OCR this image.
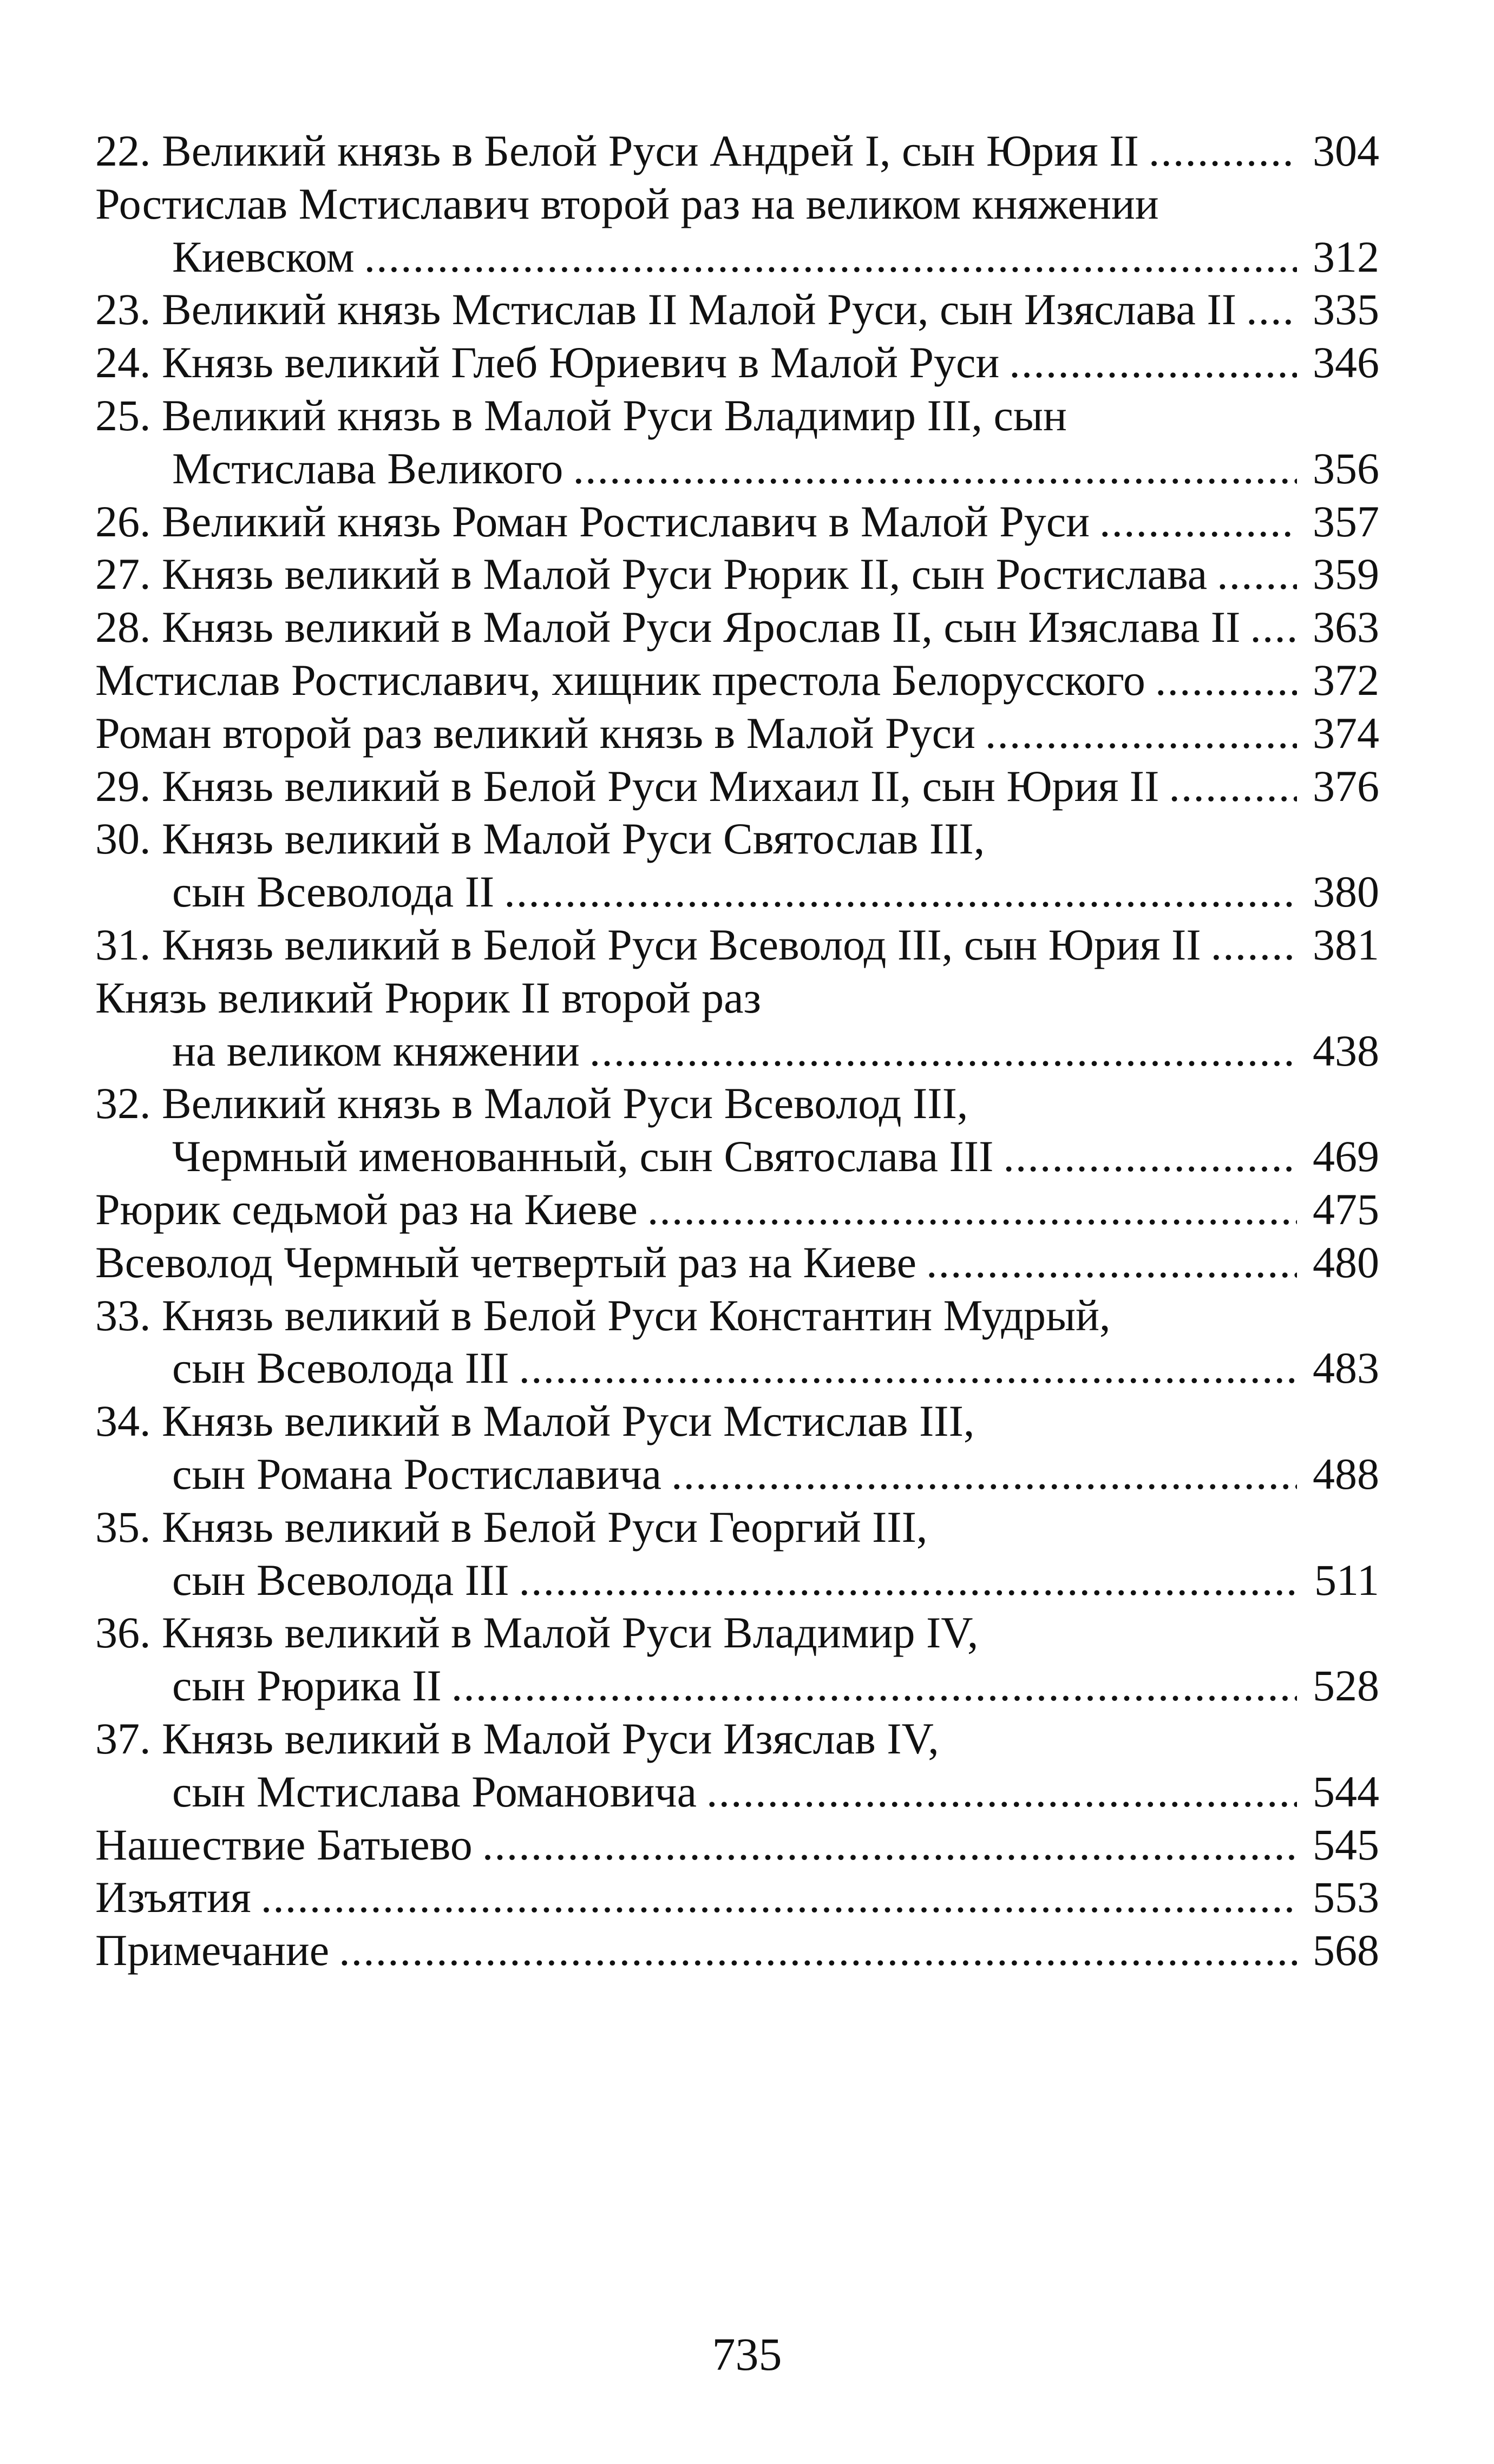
22. Великий князь в Белой Руси Андрей I, сын Юрия II .....	304
Ростислав Мстиславич второй раз на великом княжении
Киевском .....	312
23. Великий князь Мстислав II Малой Руси, сын Изяслава II ..... 335
24. Князь великий Глеб Юриевич в Малой Руси .....	346
25. Великий князь в Малой Руси Владимир III, сын
Мстислава Великого .....	356
26. Великий князь Роман Ростиславич в Малой Руси .....	357
27. Князь великий в Малой Руси Рюрик II, сын Ростислава ..... 359
28. Князь великий в Малой Руси Ярослав II, сын Изяслава II ..... 363
Мстислав Ростиславич, хищник престола Белорусского .....	372
Роман второй раз великий князь в Малой Руси .....	374
29. Князь великий в Белой Руси Михаил II, сын Юрия II .....	376
30. Князь великий в Малой Руси Святослав III,
сын Всеволода II .....	380
31. Князь великий в Белой Руси Всеволод III, сын Юрия II .....	381
Князь великий Рюрик II второй раз
на великом княжении .....	438
32. Великий князь в Малой Руси Всеволод III,
Чермный именованный, сын Святослава III .....	469
Рюрик седьмой раз на Киеве .....	475
Всеволод Чермный четвертый раз на Киеве .....	480
33. Князь великий в Белой Руси Константин Мудрый,
сын Всеволода III .....	483
34. Князь великий в Малой Руси Мстислав III,
сын Романа Ростиславича .....	488
35. Князь великий в Белой Руси Георгий III,
сын Всеволода III .....	511
36. Князь великий в Малой Руси Владимир IV,
сын Рюрика II .....	528
37. Князь великий в Малой Руси Изяслав IV,
сын Мстислава Романовича .....	544
Нашествие Батыево .....	545
Изъятия .....	553
Примечание .....	568
735
